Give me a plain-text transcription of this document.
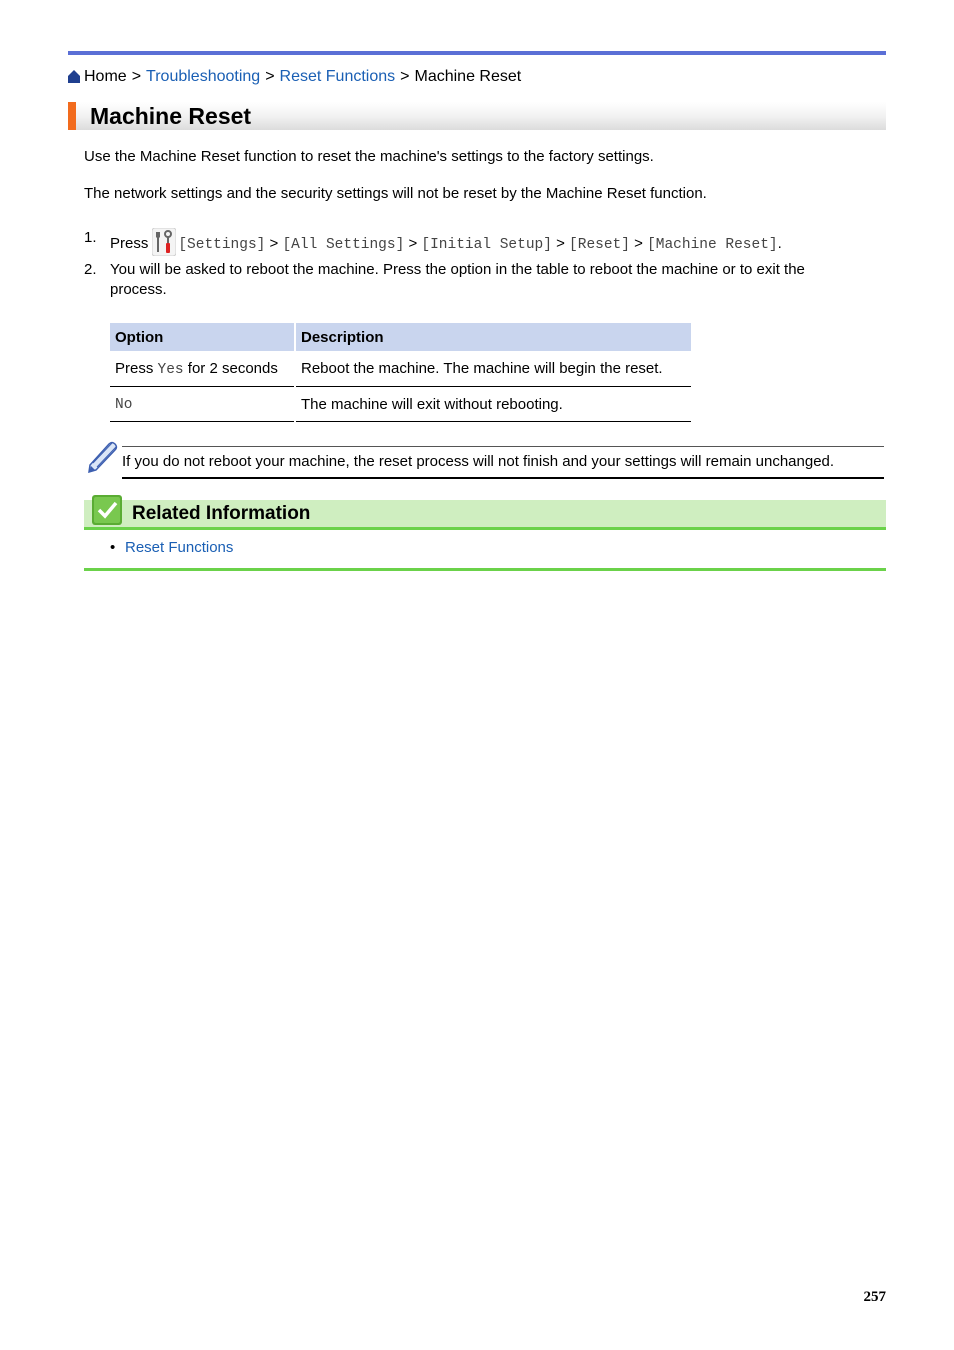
Home > Troubleshooting > Reset Functions > Machine Reset
Machine Reset
Use the Machine Reset function to reset the machine's settings to the factory settings.
The network settings and the security settings will not be reset by the Machine Reset function.
1. Press [Settings] > [All Settings] > [Initial Setup] > [Reset] > [Machine Reset].
2. You will be asked to reboot the machine. Press the option in the table to reboot the machine or to exit the
process.
Option	Description
Press Yes for 2 seconds	Reboot the machine. The machine will begin the reset.
No	The machine will exit without rebooting.
If you do not reboot your machine, the reset process will not finish and your settings will remain unchanged.
Related Information
• Reset Functions
257
